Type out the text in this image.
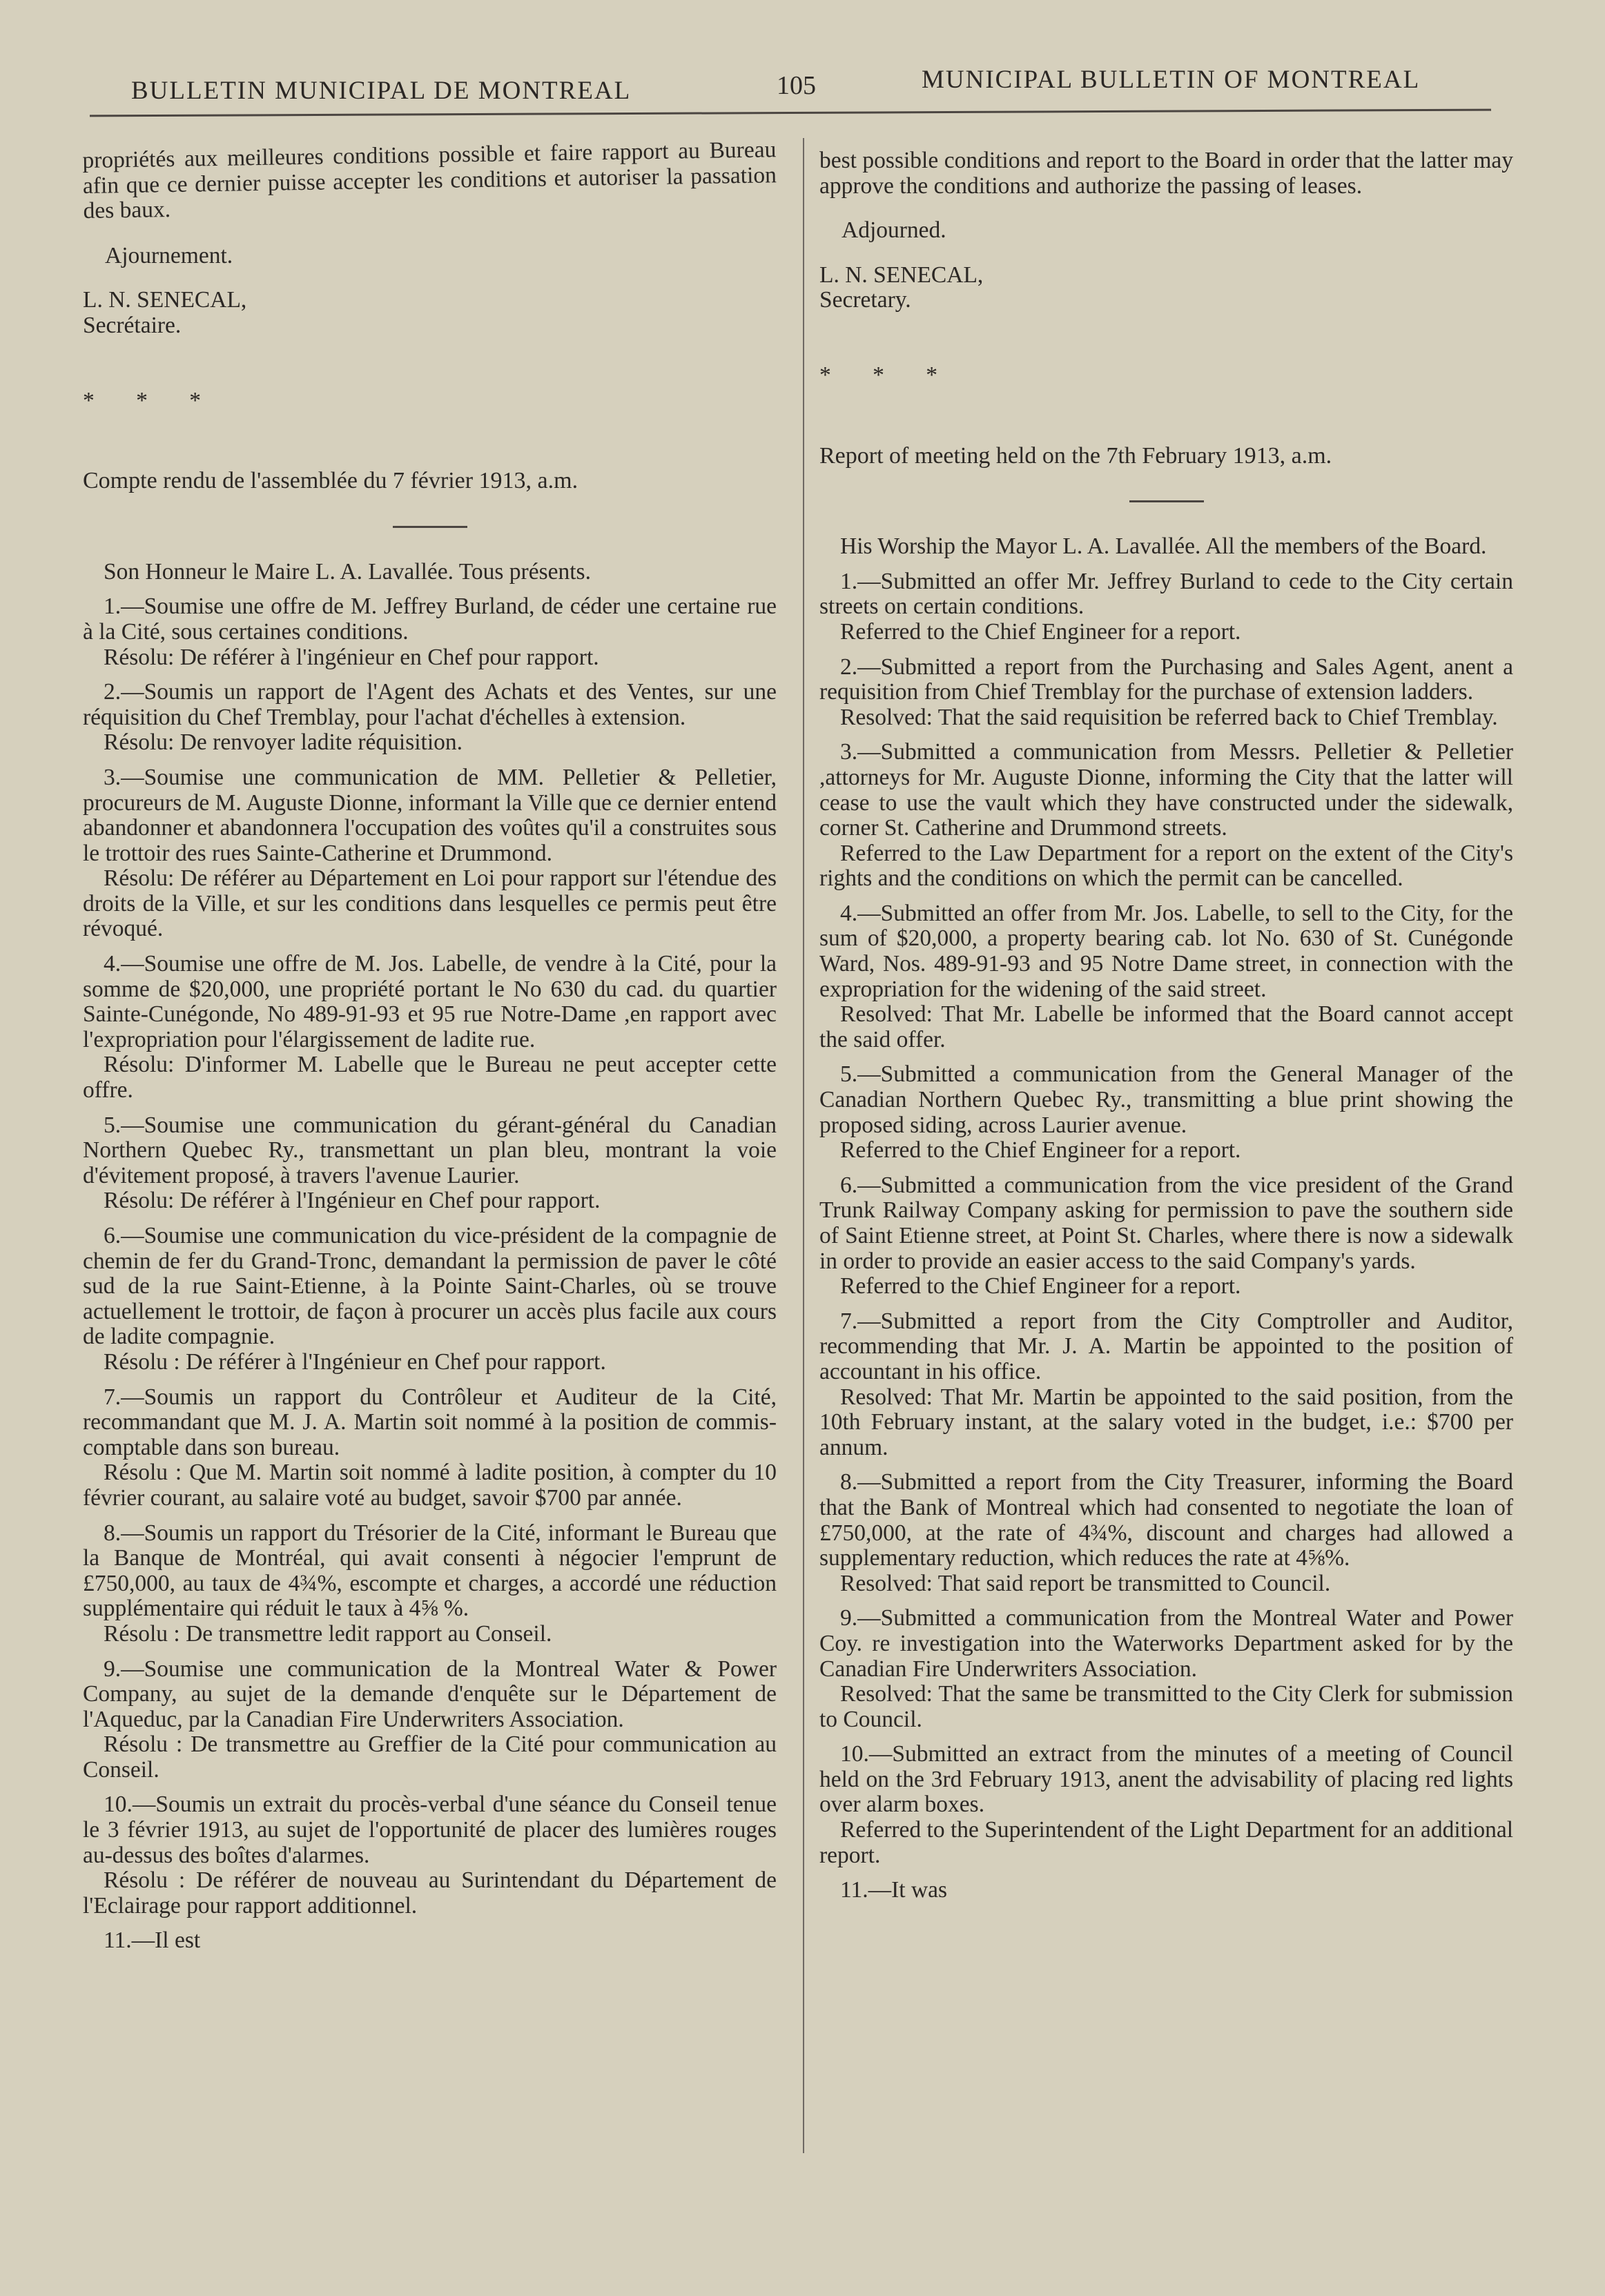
BULLETIN MUNICIPAL DE MONTREAL	105	MUNICIPAL BULLETIN OF MONTREAL

propriétés aux meilleures conditions possible et faire rapport au Bureau afin que ce dernier puisse accepter les conditions et autoriser la passation des baux.

Ajournement.

L. N. SENECAL,

Secrétaire.

* * *

Compte rendu de l'assemblée du 7 février 1913, a.m.

Son Honneur le Maire L. A. Lavallée. Tous présents.

1.—Soumise une offre de M. Jeffrey Burland, de céder une certaine rue à la Cité, sous certaines conditions.

Résolu: De référer à l'ingénieur en Chef pour rapport.

2.—Soumis un rapport de l'Agent des Achats et des Ventes, sur une réquisition du Chef Tremblay, pour l'achat d'échelles à extension.

Résolu: De renvoyer ladite réquisition.

3.—Soumise une communication de MM. Pelletier & Pelletier, procureurs de M. Auguste Dionne, informant la Ville que ce dernier entend abandonner et abandonnera l'occupation des voûtes qu'il a construites sous le trottoir des rues Sainte-Catherine et Drummond.

Résolu: De référer au Département en Loi pour rapport sur l'étendue des droits de la Ville, et sur les conditions dans lesquelles ce permis peut être révoqué.

4.—Soumise une offre de M. Jos. Labelle, de vendre à la Cité, pour la somme de $20,000, une propriété portant le No 630 du cad. du quartier Sainte-Cunégonde, No 489-91-93 et 95 rue Notre-Dame ,en rapport avec l'expropriation pour l'élargissement de ladite rue.

Résolu: D'informer M. Labelle que le Bureau ne peut accepter cette offre.

5.—Soumise une communication du gérant-général du Canadian Northern Quebec Ry., transmettant un plan bleu, montrant la voie d'évitement proposé, à travers l'avenue Laurier.

Résolu: De référer à l'Ingénieur en Chef pour rapport.

6.—Soumise une communication du vice-président de la compagnie de chemin de fer du Grand-Tronc, demandant la permission de paver le côté sud de la rue Saint-Etienne, à la Pointe Saint-Charles, où se trouve actuellement le trottoir, de façon à procurer un accès plus facile aux cours de ladite compagnie.

Résolu : De référer à l'Ingénieur en Chef pour rapport.

7.—Soumis un rapport du Contrôleur et Auditeur de la Cité, recommandant que M. J. A. Martin soit nommé à la position de commis-comptable dans son bureau.

Résolu : Que M. Martin soit nommé à ladite position, à compter du 10 février courant, au salaire voté au budget, savoir $700 par année.

8.—Soumis un rapport du Trésorier de la Cité, informant le Bureau que la Banque de Montréal, qui avait consenti à négocier l'emprunt de £750,000, au taux de 4¾%, escompte et charges, a accordé une réduction supplémentaire qui réduit le taux à 4⅝ %.

Résolu : De transmettre ledit rapport au Conseil.

9.—Soumise une communication de la Montreal Water & Power Company, au sujet de la demande d'enquête sur le Département de l'Aqueduc, par la Canadian Fire Underwriters Association.

Résolu : De transmettre au Greffier de la Cité pour communication au Conseil.

10.—Soumis un extrait du procès-verbal d'une séance du Conseil tenue le 3 février 1913, au sujet de l'opportunité de placer des lumières rouges au-dessus des boîtes d'alarmes.

Résolu : De référer de nouveau au Surintendant du Département de l'Eclairage pour rapport additionnel.

11.—Il est

best possible conditions and report to the Board in order that the latter may approve the conditions and authorize the passing of leases.

Adjourned.

L. N. SENECAL,

Secretary.

* * *

Report of meeting held on the 7th February 1913, a.m.

His Worship the Mayor L. A. Lavallée. All the members of the Board.

1.—Submitted an offer Mr. Jeffrey Burland to cede to the City certain streets on certain conditions.

Referred to the Chief Engineer for a report.

2.—Submitted a report from the Purchasing and Sales Agent, anent a requisition from Chief Tremblay for the purchase of extension ladders.

Resolved: That the said requisition be referred back to Chief Tremblay.

3.—Submitted a communication from Messrs. Pelletier & Pelletier ,attorneys for Mr. Auguste Dionne, informing the City that the latter will cease to use the vault which they have constructed under the sidewalk, corner St. Catherine and Drummond streets.

Referred to the Law Department for a report on the extent of the City's rights and the conditions on which the permit can be cancelled.

4.—Submitted an offer from Mr. Jos. Labelle, to sell to the City, for the sum of $20,000, a property bearing cab. lot No. 630 of St. Cunégonde Ward, Nos. 489-91-93 and 95 Notre Dame street, in connection with the expropriation for the widening of the said street.

Resolved: That Mr. Labelle be informed that the Board cannot accept the said offer.

5.—Submitted a communication from the General Manager of the Canadian Northern Quebec Ry., transmitting a blue print showing the proposed siding, across Laurier avenue.

Referred to the Chief Engineer for a report.

6.—Submitted a communication from the vice president of the Grand Trunk Railway Company asking for permission to pave the southern side of Saint Etienne street, at Point St. Charles, where there is now a sidewalk in order to provide an easier access to the said Company's yards.

Referred to the Chief Engineer for a report.

7.—Submitted a report from the City Comptroller and Auditor, recommending that Mr. J. A. Martin be appointed to the position of accountant in his office.

Resolved: That Mr. Martin be appointed to the said position, from the 10th February instant, at the salary voted in the budget, i.e.: $700 per annum.

8.—Submitted a report from the City Treasurer, informing the Board that the Bank of Montreal which had consented to negotiate the loan of £750,000, at the rate of 4¾%, discount and charges had allowed a supplementary reduction, which reduces the rate at 4⅝%.

Resolved: That said report be transmitted to Council.

9.—Submitted a communication from the Montreal Water and Power Coy. re investigation into the Waterworks Department asked for by the Canadian Fire Underwriters Association.

Resolved: That the same be transmitted to the City Clerk for submission to Council.

10.—Submitted an extract from the minutes of a meeting of Council held on the 3rd February 1913, anent the advisability of placing red lights over alarm boxes.

Referred to the Superintendent of the Light Department for an additional report.

11.—It was
